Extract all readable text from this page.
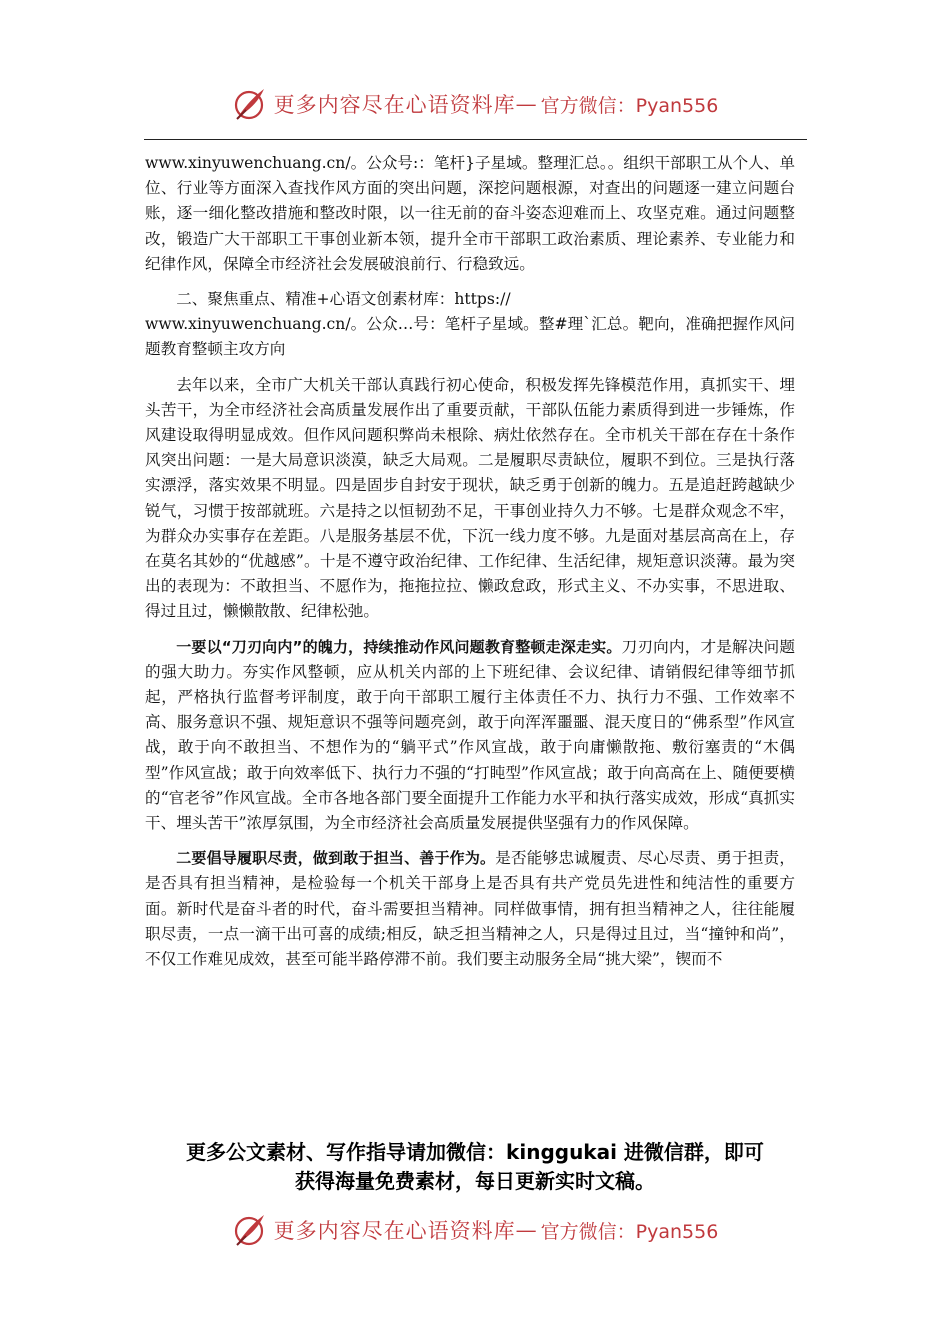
更多内容尽在心语资料库 — 官方微信：Pyan556

www.xinyuwenchuang.cn/。公众号:：笔杆}子星域。整理汇总。。组织干部职工从个人、单位、行业等方面深入查找作风方面的突出问题，深挖问题根源，对查出的问题逐一建立问题台账，逐一细化整改措施和整改时限，以一往无前的奋斗姿态迎难而上、攻坚克难。通过问题整改，锻造广大干部职工干事创业新本领，提升全市干部职工政治素质、理论素养、专业能力和纪律作风，保障全市经济社会发展破浪前行、行稳致远。

二、聚焦重点、精准+心语文创素材库：https://

www.xinyuwenchuang.cn/。公众…号：笔杆子星域。整#理`汇总。靶向，准确把握作风问题教育整顿主攻方向

去年以来，全市广大机关干部认真践行初心使命，积极发挥先锋模范作用，真抓实干、埋头苦干，为全市经济社会高质量发展作出了重要贡献，干部队伍能力素质得到进一步锤炼，作风建设取得明显成效。但作风问题积弊尚未根除、病灶依然存在。全市机关干部在存在十条作风突出问题：一是大局意识淡漠，缺乏大局观。二是履职尽责缺位，履职不到位。三是执行落实漂浮，落实效果不明显。四是固步自封安于现状，缺乏勇于创新的魄力。五是追赶跨越缺少锐气，习惯于按部就班。六是持之以恒韧劲不足，干事创业持久力不够。七是群众观念不牢，为群众办实事存在差距。八是服务基层不优，下沉一线力度不够。九是面对基层高高在上，存在莫名其妙的“优越感”。十是不遵守政治纪律、工作纪律、生活纪律，规矩意识淡薄。最为突出的表现为：不敢担当、不愿作为，拖拖拉拉、懒政怠政，形式主义、不办实事，不思进取、得过且过，懒懒散散、纪律松弛。

一要以“刀刃向内”的魄力，持续推动作风问题教育整顿走深走实。刀刃向内，才是解决问题的强大助力。夯实作风整顿，应从机关内部的上下班纪律、会议纪律、请销假纪律等细节抓起，严格执行监督考评制度，敢于向干部职工履行主体责任不力、执行力不强、工作效率不高、服务意识不强、规矩意识不强等问题亮剑，敢于向浑浑噩噩、混天度日的“佛系型”作风宣战，敢于向不敢担当、不想作为的“躺平式”作风宣战，敢于向庸懒散拖、敷衍塞责的“木偶型”作风宣战；敢于向效率低下、执行力不强的“打盹型”作风宣战；敢于向高高在上、随便要横的“官老爷”作风宣战。全市各地各部门要全面提升工作能力水平和执行落实成效，形成“真抓实干、埋头苦干”浓厚氛围，为全市经济社会高质量发展提供坚强有力的作风保障。

二要倡导履职尽责，做到敢于担当、善于作为。是否能够忠诚履责、尽心尽责、勇于担责，是否具有担当精神，是检验每一个机关干部身上是否具有共产党员先进性和纯洁性的重要方面。新时代是奋斗者的时代，奋斗需要担当精神。同样做事情，拥有担当精神之人，往往能履职尽责，一点一滴干出可喜的成绩;相反，缺乏担当精神之人，只是得过且过，当“撞钟和尚”，不仅工作难见成效，甚至可能半路停滞不前。我们要主动服务全局“挑大梁”，锲而不

更多公文素材、写作指导请加微信：kinggukai 进微信群，即可
获得海量免费素材，每日更新实时文稿。
更多内容尽在心语资料库 — 官方微信：Pyan556
